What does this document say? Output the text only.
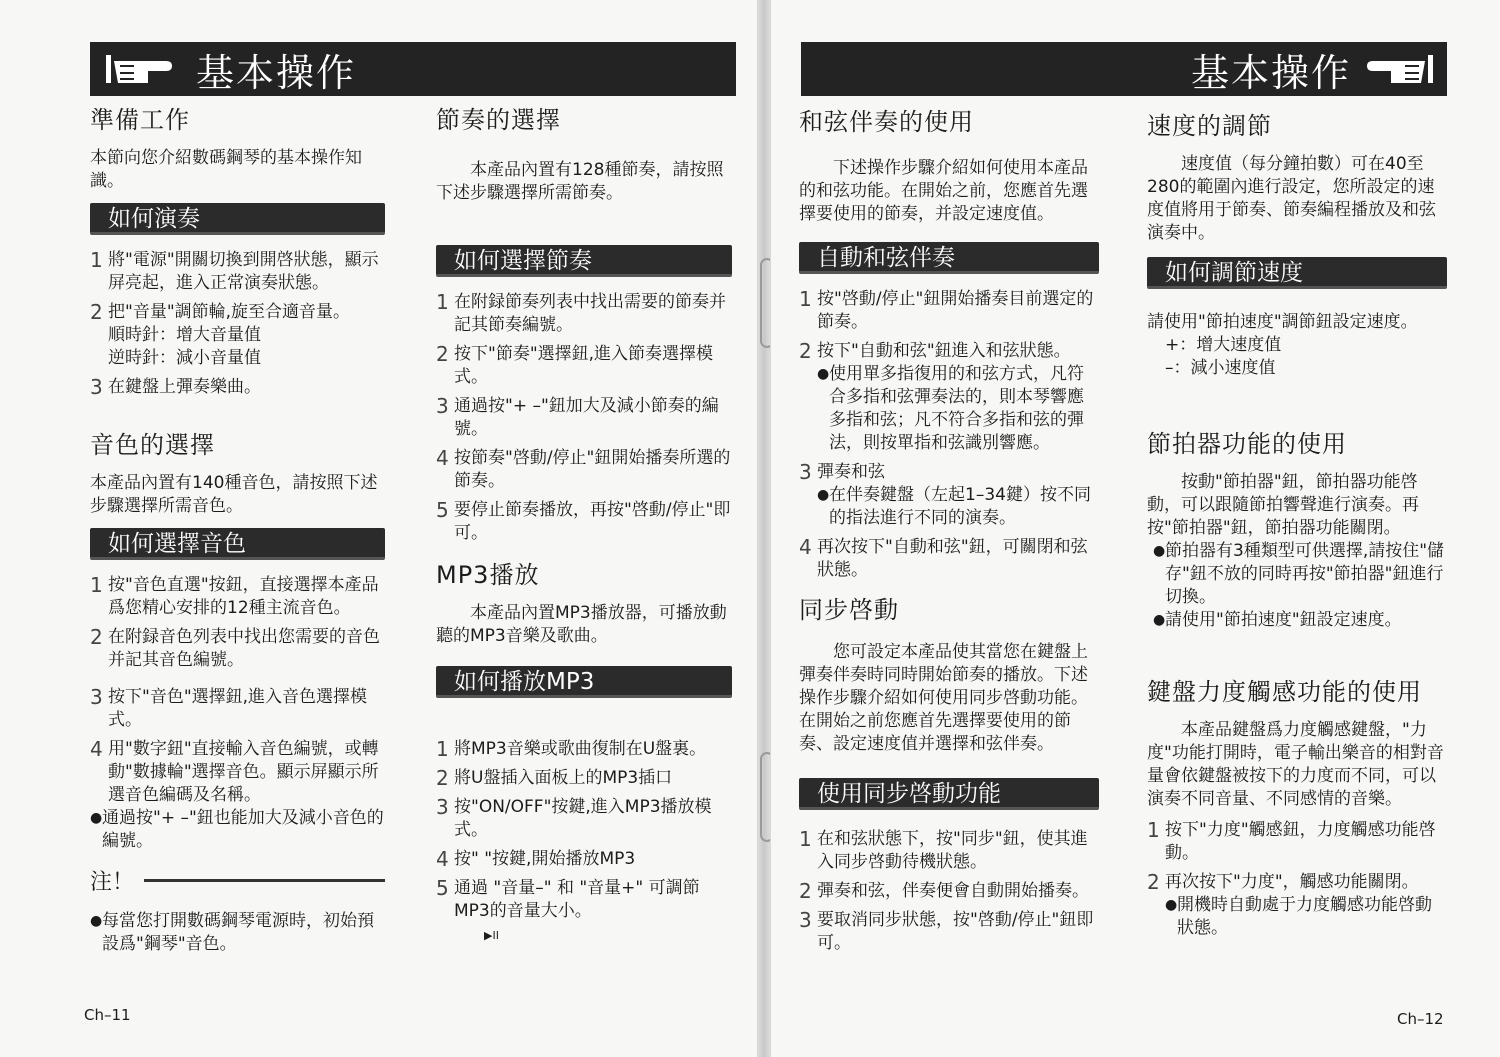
基本操作
準備工作
本節向您介紹數碼鋼琴的基本操作知識。
如何演奏
1 將"電源"開關切換到開啓狀態，顯示屏亮起，進入正常演奏狀態。
2 把"音量"調節輪,旋至合適音量。
順時針：增大音量值
逆時針：減小音量值
3 在鍵盤上彈奏樂曲。
音色的選擇
本產品內置有140種音色，請按照下述步驟選擇所需音色。
如何選擇音色
1 按"音色直選"按鈕，直接選擇本產品爲您精心安排的12種主流音色。
2 在附録音色列表中找出您需要的音色并記其音色編號。
3 按下"音色"選擇鈕,進入音色選擇模式。
4 用"數字鈕"直接輸入音色編號，或轉動"數據輪"選擇音色。顯示屏顯示所選音色編碼及名稱。
● 通過按"+ –"鈕也能加大及減小音色的編號。
注！
● 每當您打開數碼鋼琴電源時，初始預設爲"鋼琴"音色。
節奏的選擇
本產品內置有128種節奏，請按照下述步驟選擇所需節奏。
如何選擇節奏
1 在附録節奏列表中找出需要的節奏并記其節奏編號。
2 按下"節奏"選擇鈕,進入節奏選擇模式。
3 通過按"+ –"鈕加大及減小節奏的編號。
4 按節奏"啓動/停止"鈕開始播奏所選的節奏。
5 要停止節奏播放，再按"啓動/停止"即可。
MP3播放
本產品內置MP3播放器，可播放動聽的MP3音樂及歌曲。
如何播放MP3
1 將MP3音樂或歌曲復制在U盤裏。
2 將U盤插入面板上的MP3插口
3 按"ON/OFF"按鍵,進入MP3播放模式。
4 按" "按鍵,開始播放MP3
5 通過 "音量–" 和 "音量+" 可調節MP3的音量大小。
▶II
Ch–11
基本操作
和弦伴奏的使用
下述操作步驟介紹如何使用本產品的和弦功能。在開始之前，您應首先選擇要使用的節奏，并設定速度值。
自動和弦伴奏
1 按"啓動/停止"鈕開始播奏目前選定的節奏。
2 按下"自動和弦"鈕進入和弦狀態。
● 使用單多指復用的和弦方式，凡符合多指和弦彈奏法的，則本琴響應多指和弦；凡不符合多指和弦的彈法，則按單指和弦識別響應。
3 彈奏和弦
● 在伴奏鍵盤（左起1–34鍵）按不同的指法進行不同的演奏。
4 再次按下"自動和弦"鈕，可關閉和弦狀態。
同步啓動
您可設定本產品使其當您在鍵盤上彈奏伴奏時同時開始節奏的播放。下述操作步驟介紹如何使用同步啓動功能。在開始之前您應首先選擇要使用的節奏、設定速度值并選擇和弦伴奏。
使用同步啓動功能
1 在和弦狀態下，按"同步"鈕，使其進入同步啓動待機狀態。
2 彈奏和弦，伴奏便會自動開始播奏。
3 要取消同步狀態，按"啓動/停止"鈕即可。
速度的調節
速度值（每分鐘拍數）可在40至280的範圍內進行設定，您所設定的速度值將用于節奏、節奏編程播放及和弦演奏中。
如何調節速度
請使用"節拍速度"調節鈕設定速度。
+：增大速度值
–：減小速度值
節拍器功能的使用
按動"節拍器"鈕，節拍器功能啓動，可以跟隨節拍響聲進行演奏。再按"節拍器"鈕，節拍器功能關閉。
● 節拍器有3種類型可供選擇,請按住"儲存"鈕不放的同時再按"節拍器"鈕進行切換。
● 請使用"節拍速度"鈕設定速度。
鍵盤力度觸感功能的使用
本產品鍵盤爲力度觸感鍵盤，"力度"功能打開時，電子輸出樂音的相對音量會依鍵盤被按下的力度而不同，可以演奏不同音量、不同感情的音樂。
1 按下"力度"觸感鈕，力度觸感功能啓動。
2 再次按下"力度"，觸感功能關閉。
● 開機時自動處于力度觸感功能啓動狀態。
Ch–12
